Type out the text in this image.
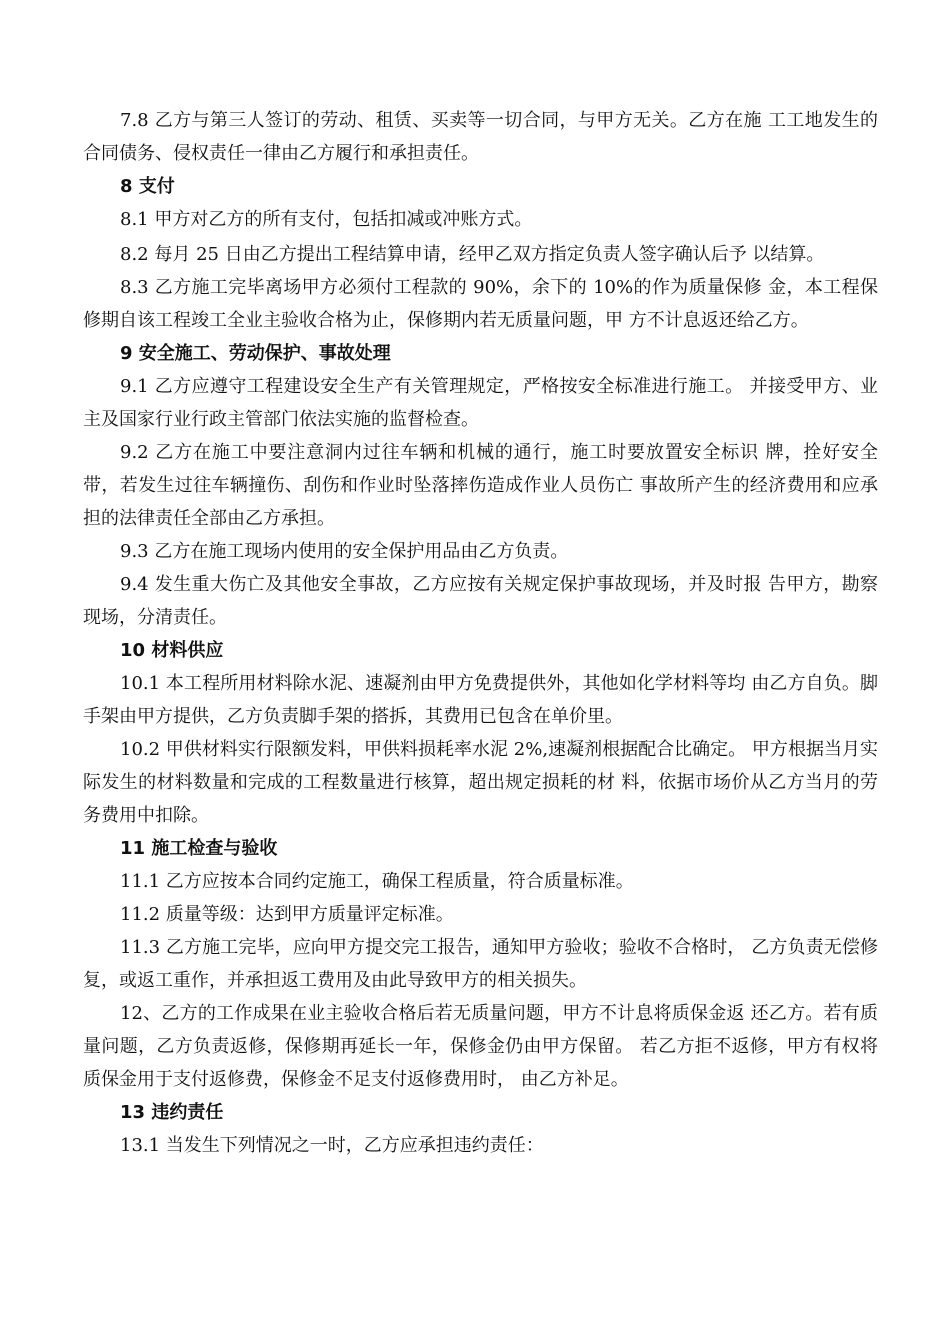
7.8 乙方与第三人签订的劳动、租赁、买卖等一切合同，与甲方无关。乙方在施 工工地发生的合同债务、侵权责任一律由乙方履行和承担责任。

8 支付

8.1 甲方对乙方的所有支付，包括扣减或冲账方式。

8.2 每月 25 日由乙方提出工程结算申请，经甲乙双方指定负责人签字确认后予 以结算。

8.3 乙方施工完毕离场甲方必须付工程款的 90%，余下的 10%的作为质量保修 金，本工程保修期自该工程竣工全业主验收合格为止，保修期内若无质量问题，甲 方不计息返还给乙方。

9 安全施工、劳动保护、事故处理

9.1 乙方应遵守工程建设安全生产有关管理规定，严格按安全标准进行施工。 并接受甲方、业主及国家行业行政主管部门依法实施的监督检查。

9.2 乙方在施工中要注意洞内过往车辆和机械的通行，施工时要放置安全标识 牌，拴好安全带，若发生过往车辆撞伤、刮伤和作业时坠落摔伤造成作业人员伤亡 事故所产生的经济费用和应承担的法律责任全部由乙方承担。

9.3 乙方在施工现场内使用的安全保护用品由乙方负责。

9.4 发生重大伤亡及其他安全事故，乙方应按有关规定保护事故现场，并及时报 告甲方，勘察现场，分清责任。

10 材料供应

10.1 本工程所用材料除水泥、速凝剂由甲方免费提供外，其他如化学材料等均 由乙方自负。脚手架由甲方提供，乙方负责脚手架的搭拆，其费用已包含在单价里。

10.2 甲供材料实行限额发料，甲供料损耗率水泥 2%,速凝剂根据配合比确定。 甲方根据当月实际发生的材料数量和完成的工程数量进行核算，超出规定损耗的材 料，依据市场价从乙方当月的劳务费用中扣除。

11 施工检查与验收

11.1 乙方应按本合同约定施工，确保工程质量，符合质量标准。

11.2 质量等级：达到甲方质量评定标准。

11.3 乙方施工完毕，应向甲方提交完工报告，通知甲方验收；验收不合格时， 乙方负责无偿修复，或返工重作，并承担返工费用及由此导致甲方的相关损失。

12、乙方的工作成果在业主验收合格后若无质量问题，甲方不计息将质保金返 还乙方。若有质量问题，乙方负责返修，保修期再延长一年，保修金仍由甲方保留。 若乙方拒不返修，甲方有权将质保金用于支付返修费，保修金不足支付返修费用时， 由乙方补足。

13 违约责任

13.1 当发生下列情况之一时，乙方应承担违约责任：
